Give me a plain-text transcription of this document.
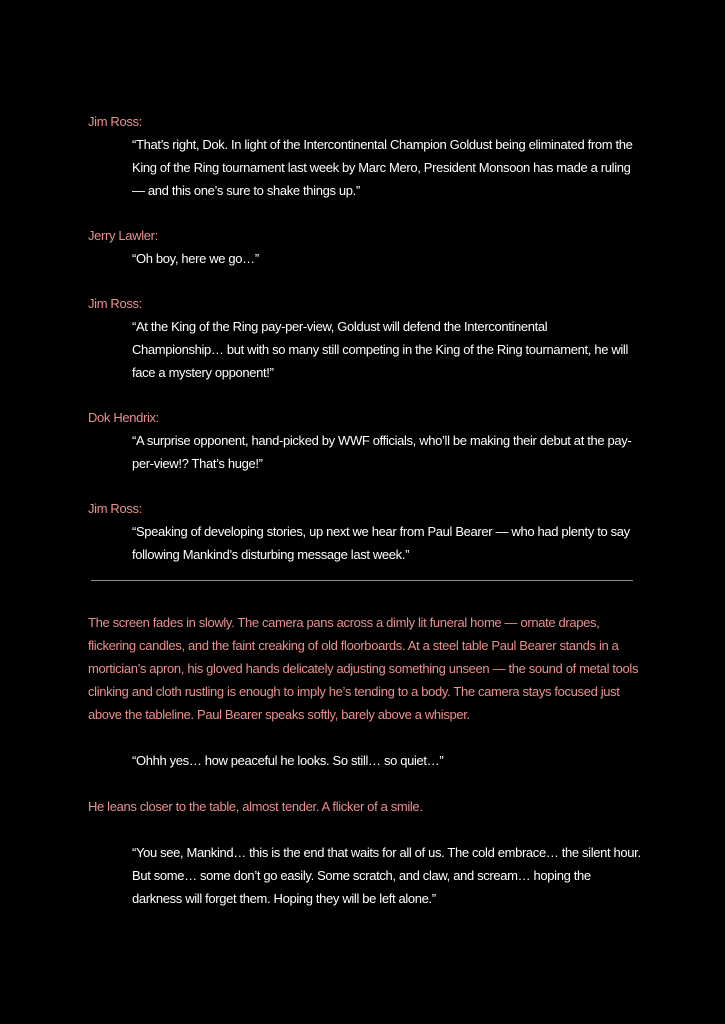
Jim Ross:
“That’s right, Dok. In light of the Intercontinental Champion Goldust being eliminated from the King of the Ring tournament last week by Marc Mero, President Monsoon has made a ruling — and this one’s sure to shake things up.”
Jerry Lawler:
“Oh boy, here we go…”
Jim Ross:
“At the King of the Ring pay-per-view, Goldust will defend the Intercontinental Championship… but with so many still competing in the King of the Ring tournament, he will face a mystery opponent!”
Dok Hendrix:
“A surprise opponent, hand-picked by WWF officials, who’ll be making their debut at the pay-per-view!? That’s huge!”
Jim Ross:
“Speaking of developing stories, up next we hear from Paul Bearer — who had plenty to say following Mankind’s disturbing message last week.”
The screen fades in slowly. The camera pans across a dimly lit funeral home — ornate drapes, flickering candles, and the faint creaking of old floorboards. At a steel table Paul Bearer stands in a mortician’s apron, his gloved hands delicately adjusting something unseen — the sound of metal tools clinking and cloth rustling is enough to imply he’s tending to a body. The camera stays focused just above the tableline. Paul Bearer speaks softly, barely above a whisper.
“Ohhh yes… how peaceful he looks. So still… so quiet…”
He leans closer to the table, almost tender. A flicker of a smile.
“You see, Mankind… this is the end that waits for all of us. The cold embrace… the silent hour. But some… some don’t go easily. Some scratch, and claw, and scream… hoping the darkness will forget them. Hoping they will be left alone.”
